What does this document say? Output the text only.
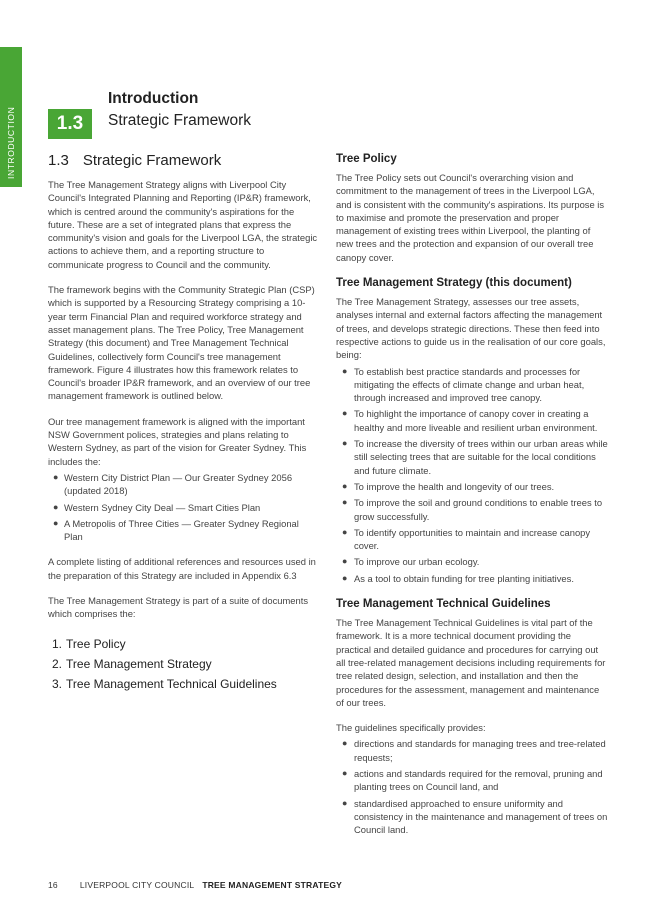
INTRODUCTION	1.3
Introduction
Strategic Framework
1.3 Strategic Framework

The Tree Management Strategy aligns with Liverpool City Council's Integrated Planning and Reporting (IP&R) framework, which is centred around the community's aspirations for the future. These are a set of integrated plans that express the community's vision and goals for the Liverpool LGA, the strategic actions to achieve them, and a reporting structure to communicate progress to Council and the community.

The framework begins with the Community Strategic Plan (CSP) which is supported by a Resourcing Strategy comprising a 10-year term Financial Plan and required workforce strategy and asset management plans. The Tree Policy, Tree Management Strategy (this document) and Tree Management Technical Guidelines, collectively form Council's tree management framework. Figure 4 illustrates how this framework relates to Council's broader IP&R framework, and an overview of our tree management framework is outlined below.

Our tree management framework is aligned with the important NSW Government polices, strategies and plans relating to Western Sydney, as part of the vision for Greater Sydney. This includes the:

● Western City District Plan — Our Greater Sydney 2056 (updated 2018)
● Western Sydney City Deal — Smart Cities Plan
● A Metropolis of Three Cities — Greater Sydney Regional Plan

A complete listing of additional references and resources used in the preparation of this Strategy are included in Appendix 6.3

The Tree Management Strategy is part of a suite of documents which comprises the:

1. Tree Policy
2. Tree Management Strategy
3. Tree Management Technical Guidelines
Tree Policy

The Tree Policy sets out Council's overarching vision and commitment to the management of trees in the Liverpool LGA, and is consistent with the community's aspirations. Its purpose is to maximise and promote the preservation and proper management of existing trees within Liverpool, the planting of new trees and the protection and expansion of our overall tree canopy cover.

Tree Management Strategy (this document)

The Tree Management Strategy, assesses our tree assets, analyses internal and external factors affecting the management of trees, and develops strategic directions. These then feed into respective actions to guide us in the realisation of our core goals, being:

● To establish best practice standards and processes for mitigating the effects of climate change and urban heat, through increased and improved tree canopy.
● To highlight the importance of canopy cover in creating a healthy and more liveable and resilient urban environment.
● To increase the diversity of trees within our urban areas while still selecting trees that are suitable for the local conditions and future climate.
● To improve the health and longevity of our trees.
● To improve the soil and ground conditions to enable trees to grow successfully.
● To identify opportunities to maintain and increase canopy cover.
● To improve our urban ecology.
● As a tool to obtain funding for tree planting initiatives.
Tree Management Technical Guidelines

The Tree Management Technical Guidelines is vital part of the framework. It is a more technical document providing the practical and detailed guidance and procedures for carrying out all tree-related management decisions including requirements for tree related design, selection, and installation and then the procedures for the assessment, management and maintenance of our trees.

The guidelines specifically provides:

● directions and standards for managing trees and tree-related requests;
● actions and standards required for the removal, pruning and planting trees on Council land, and
● standardised approached to ensure uniformity and consistency in the maintenance and management of trees on Council land.
16	LIVERPOOL CITY COUNCIL TREE MANAGEMENT STRATEGY
